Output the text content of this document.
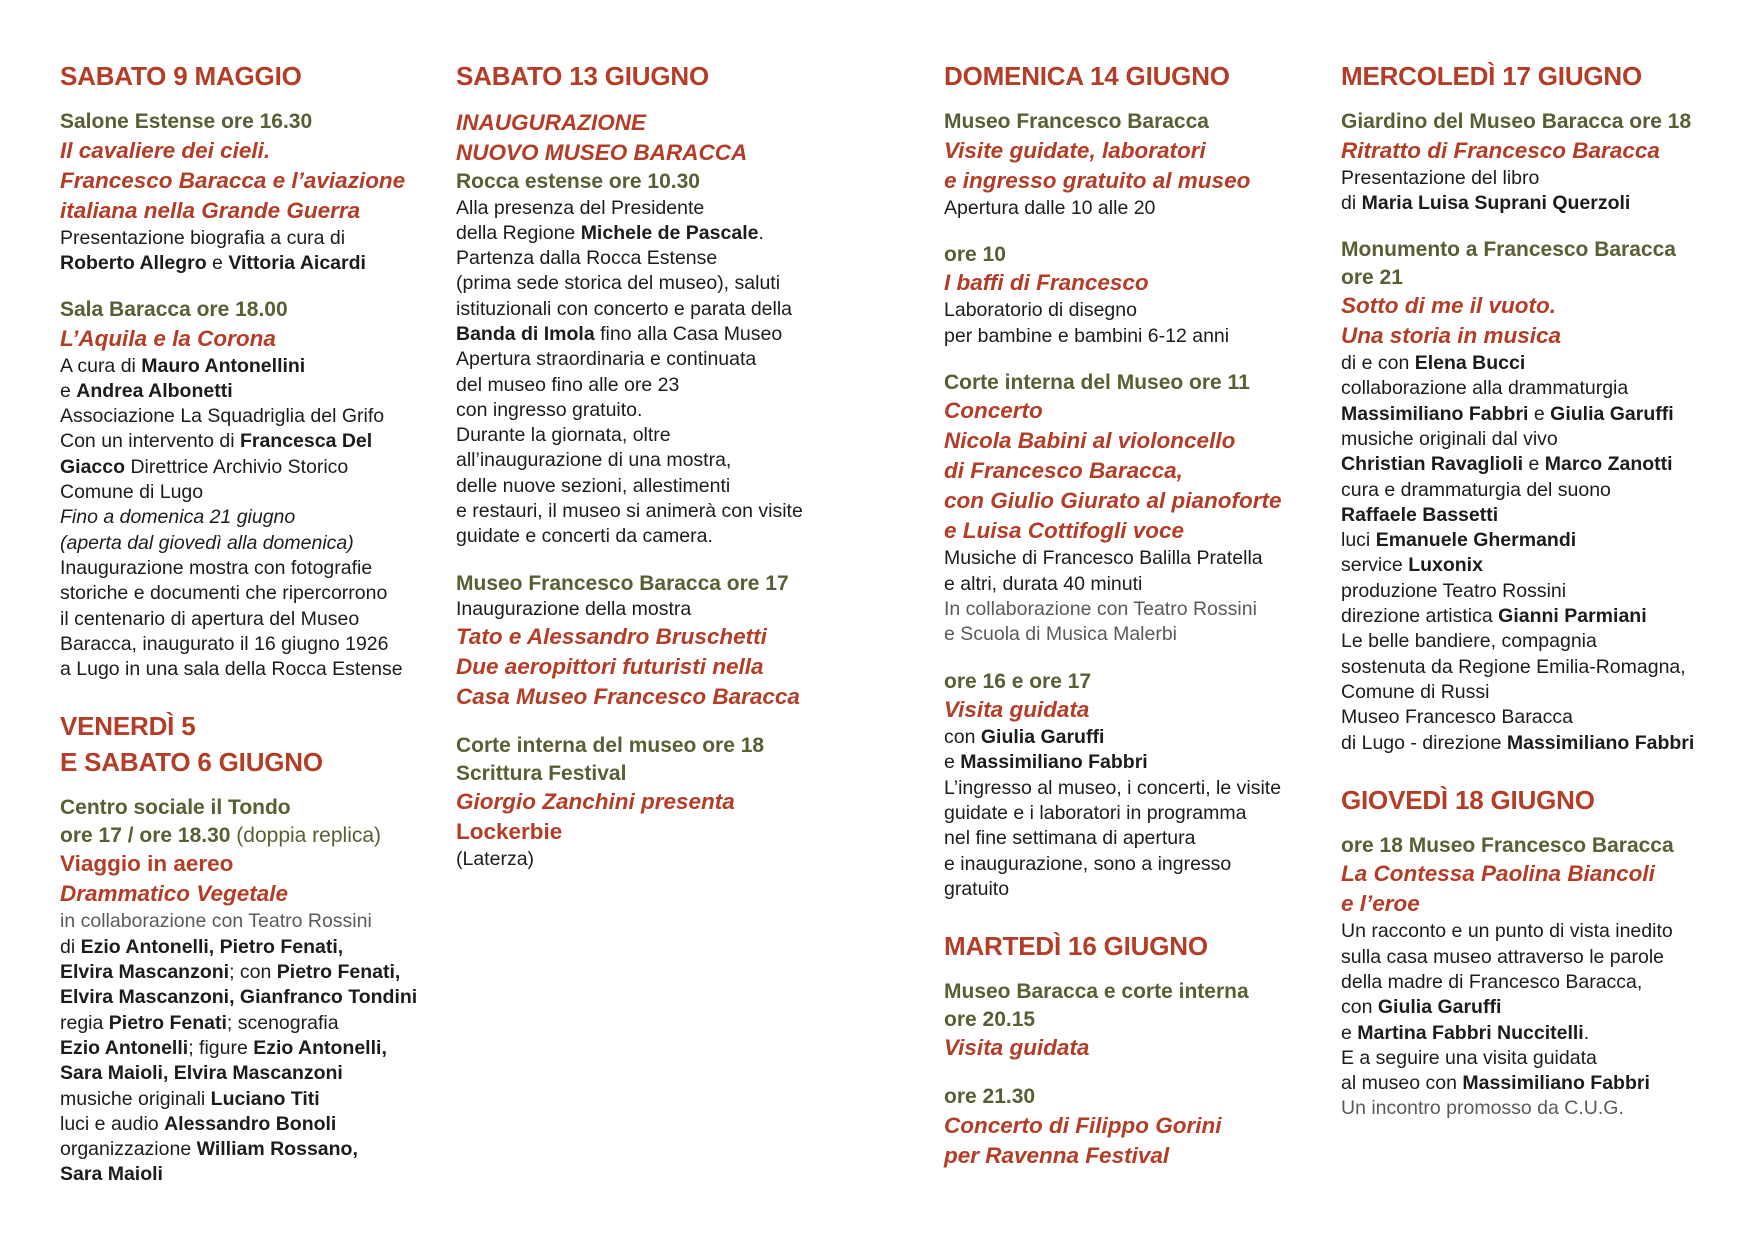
SABATO 9 MAGGIO
Salone Estense ore 16.30
Il cavaliere dei cieli.
Francesco Baracca e l’aviazione
italiana nella Grande Guerra
Presentazione biografia a cura di
Roberto Allegro e Vittoria Aicardi
Sala Baracca ore 18.00
L’Aquila e la Corona
A cura di Mauro Antonellini
e Andrea Albonetti
Associazione La Squadriglia del Grifo
Con un intervento di Francesca Del
Giacco Direttrice Archivio Storico
Comune di Lugo
Fino a domenica 21 giugno
(aperta dal giovedì alla domenica)
Inaugurazione mostra con fotografie
storiche e documenti che ripercorrono
il centenario di apertura del Museo
Baracca, inaugurato il 16 giugno 1926
a Lugo in una sala della Rocca Estense
VENERDÌ 5
E SABATO 6 GIUGNO
Centro sociale il Tondo
ore 17 / ore 18.30 (doppia replica)
Viaggio in aereo
Drammatico Vegetale
in collaborazione con Teatro Rossini
di Ezio Antonelli, Pietro Fenati,
Elvira Mascanzoni; con Pietro Fenati,
Elvira Mascanzoni, Gianfranco Tondini
regia Pietro Fenati; scenografia
Ezio Antonelli; figure Ezio Antonelli,
Sara Maioli, Elvira Mascanzoni
musiche originali Luciano Titi
luci e audio Alessandro Bonoli
organizzazione William Rossano,
Sara Maioli
SABATO 13 GIUGNO
INAUGURAZIONE
NUOVO MUSEO BARACCA
Rocca estense ore 10.30
Alla presenza del Presidente
della Regione Michele de Pascale.
Partenza dalla Rocca Estense
(prima sede storica del museo), saluti
istituzionali con concerto e parata della
Banda di Imola fino alla Casa Museo
Apertura straordinaria e continuata
del museo fino alle ore 23
con ingresso gratuito.
Durante la giornata, oltre
all’inaugurazione di una mostra,
delle nuove sezioni, allestimenti
e restauri, il museo si animerà con visite
guidate e concerti da camera.
Museo Francesco Baracca ore 17
Inaugurazione della mostra
Tato e Alessandro Bruschetti
Due aeropittori futuristi nella
Casa Museo Francesco Baracca
Corte interna del museo ore 18
Scrittura Festival
Giorgio Zanchini presenta
Lockerbie
(Laterza)
DOMENICA 14 GIUGNO
Museo Francesco Baracca
Visite guidate, laboratori
e ingresso gratuito al museo
Apertura dalle 10 alle 20
ore 10
I baffi di Francesco
Laboratorio di disegno
per bambine e bambini 6-12 anni
Corte interna del Museo ore 11
Concerto
Nicola Babini al violoncello
di Francesco Baracca,
con Giulio Giurato al pianoforte
e Luisa Cottifogli voce
Musiche di Francesco Balilla Pratella
e altri, durata 40 minuti
In collaborazione con Teatro Rossini
e Scuola di Musica Malerbi
ore 16 e ore 17
Visita guidata
con Giulia Garuffi
e Massimiliano Fabbri
L’ingresso al museo, i concerti, le visite
guidate e i laboratori in programma
nel fine settimana di apertura
e inaugurazione, sono a ingresso
gratuito
MARTEDÌ 16 GIUGNO
Museo Baracca e corte interna
ore 20.15
Visita guidata
ore 21.30
Concerto di Filippo Gorini
per Ravenna Festival
MERCOLEDÌ 17 GIUGNO
Giardino del Museo Baracca ore 18
Ritratto di Francesco Baracca
Presentazione del libro
di Maria Luisa Suprani Querzoli
Monumento a Francesco Baracca
ore 21
Sotto di me il vuoto.
Una storia in musica
di e con Elena Bucci
collaborazione alla drammaturgia
Massimiliano Fabbri e Giulia Garuffi
musiche originali dal vivo
Christian Ravaglioli e Marco Zanotti
cura e drammaturgia del suono
Raffaele Bassetti
luci Emanuele Ghermandi
service Luxonix
produzione Teatro Rossini
direzione artistica Gianni Parmiani
Le belle bandiere, compagnia
sostenuta da Regione Emilia-Romagna,
Comune di Russi
Museo Francesco Baracca
di Lugo - direzione Massimiliano Fabbri
GIOVEDÌ 18 GIUGNO
ore 18 Museo Francesco Baracca
La Contessa Paolina Biancoli
e l’eroe
Un racconto e un punto di vista inedito
sulla casa museo attraverso le parole
della madre di Francesco Baracca,
con Giulia Garuffi
e Martina Fabbri Nuccitelli.
E a seguire una visita guidata
al museo con Massimiliano Fabbri
Un incontro promosso da C.U.G.
